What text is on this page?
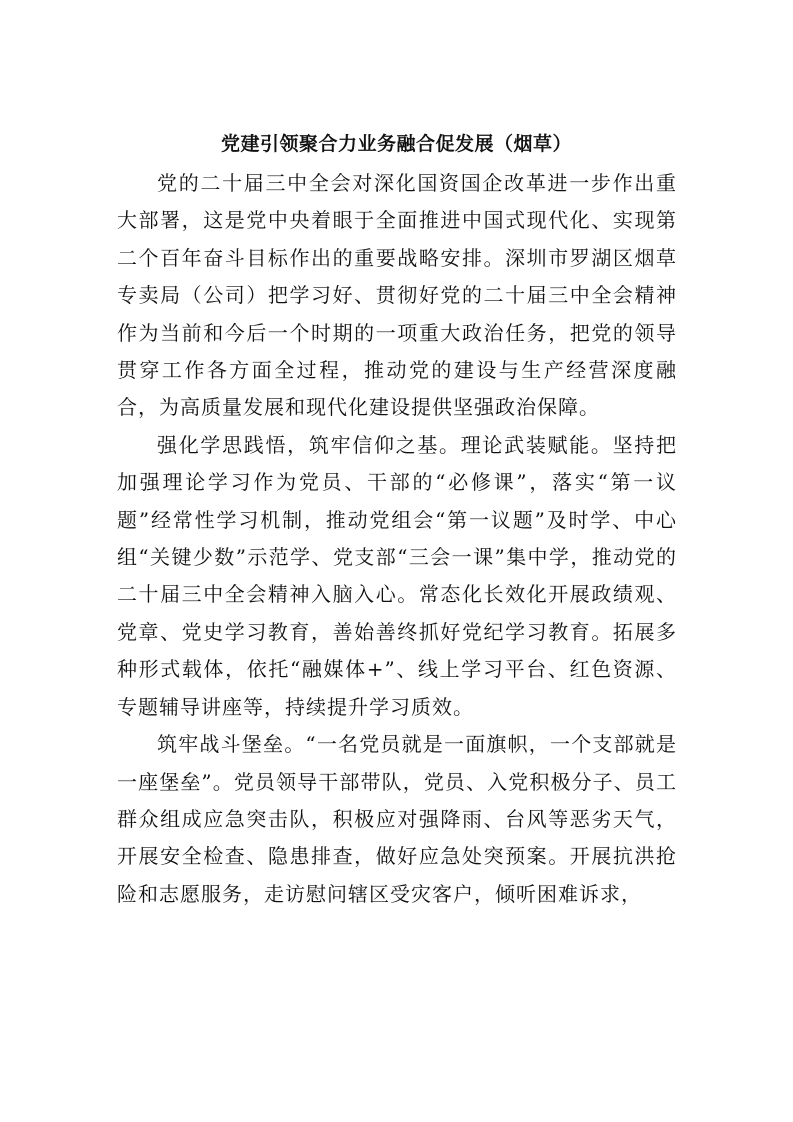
党建引领聚合力业务融合促发展（烟草）

党的二十届三中全会对深化国资国企改革进一步作出重大部署，这是党中央着眼于全面推进中国式现代化、实现第二个百年奋斗目标作出的重要战略安排。深圳市罗湖区烟草专卖局（公司）把学习好、贯彻好党的二十届三中全会精神作为当前和今后一个时期的一项重大政治任务，把党的领导贯穿工作各方面全过程，推动党的建设与生产经营深度融合，为高质量发展和现代化建设提供坚强政治保障。

强化学思践悟，筑牢信仰之基。理论武装赋能。坚持把加强理论学习作为党员、干部的“必修课”，落实“第一议题”经常性学习机制，推动党组会“第一议题”及时学、中心组“关键少数”示范学、党支部“三会一课”集中学，推动党的二十届三中全会精神入脑入心。常态化长效化开展政绩观、党章、党史学习教育，善始善终抓好党纪学习教育。拓展多种形式载体，依托“融媒体+”、线上学习平台、红色资源、专题辅导讲座等，持续提升学习质效。

筑牢战斗堡垒。“一名党员就是一面旗帜，一个支部就是一座堡垒”。党员领导干部带队，党员、入党积极分子、员工群众组成应急突击队，积极应对强降雨、台风等恶劣天气，开展安全检查、隐患排查，做好应急处突预案。开展抗洪抢险和志愿服务，走访慰问辖区受灾客户，倾听困难诉求，
